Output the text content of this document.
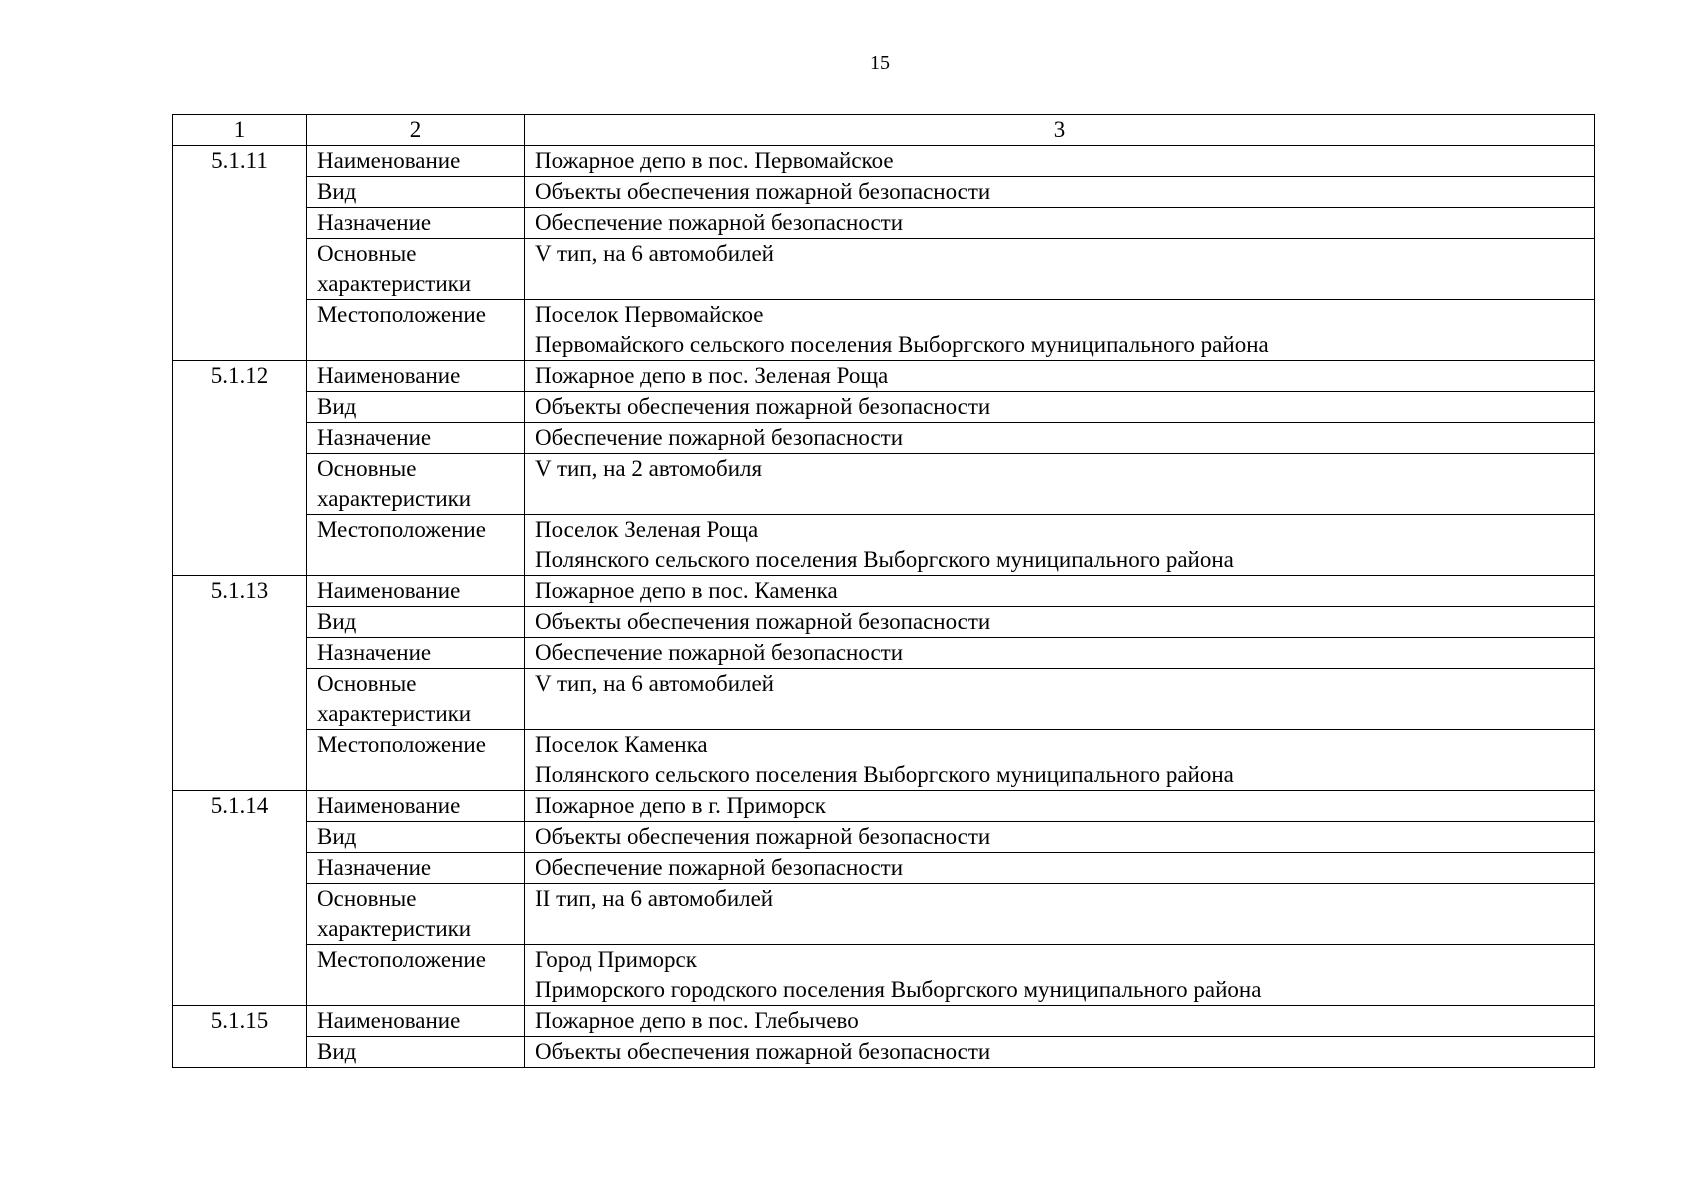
15
1	2	3
5.1.11	Наименование	Пожарное депо в пос. Первомайское

	Вид	Объекты обеспечения пожарной безопасности

	Назначение	Обеспечение пожарной безопасности

	Основные
характеристики	V тип, на 6 автомобилей

	Местоположение	Поселок Первомайское
Первомайского сельского поселения Выборгского муниципального района

5.1.12	Наименование	Пожарное депо в пос. Зеленая Роща

	Вид	Объекты обеспечения пожарной безопасности

	Назначение	Обеспечение пожарной безопасности

	Основные
характеристики	V тип, на 2 автомобиля

	Местоположение	Поселок Зеленая Роща
Полянского сельского поселения Выборгского муниципального района

5.1.13	Наименование	Пожарное депо в пос. Каменка

	Вид	Объекты обеспечения пожарной безопасности

	Назначение	Обеспечение пожарной безопасности

	Основные
характеристики	V тип, на 6 автомобилей

	Местоположение	Поселок Каменка
Полянского сельского поселения Выборгского муниципального района

5.1.14	Наименование	Пожарное депо в г. Приморск

	Вид	Объекты обеспечения пожарной безопасности

	Назначение	Обеспечение пожарной безопасности

	Основные
характеристики	II тип, на 6 автомобилей

	Местоположение	Город Приморск
Приморского городского поселения Выборгского муниципального района

5.1.15	Наименование	Пожарное депо в пос. Глебычево

	Вид	Объекты обеспечения пожарной безопасности
